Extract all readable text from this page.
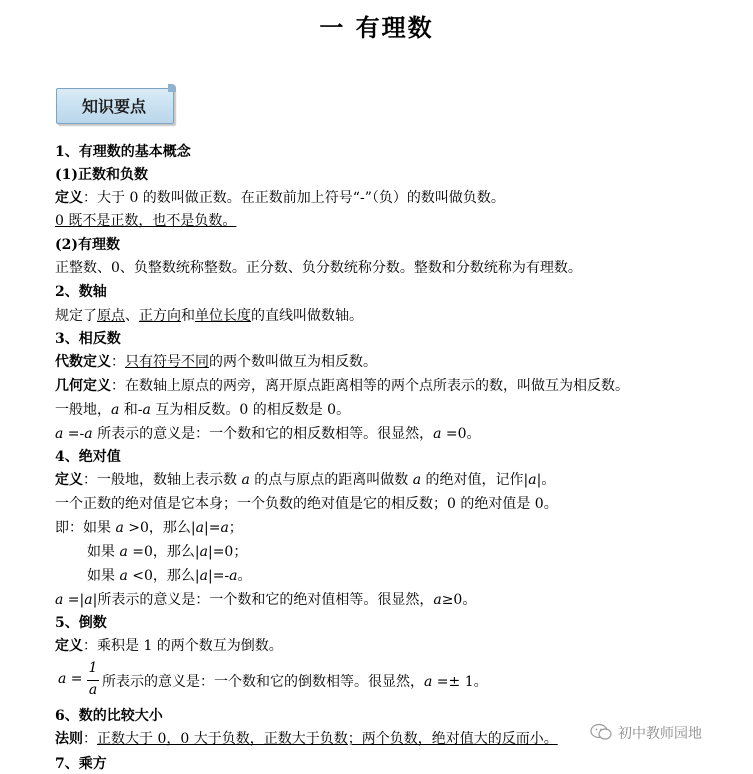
一 有理数
知识要点
1、有理数的基本概念
(1)正数和负数
定义：大于 0 的数叫做正数。在正数前加上符号“-”（负）的数叫做负数。
0 既不是正数，也不是负数。
(2)有理数
正整数、0、负整数统称整数。正分数、负分数统称分数。整数和分数统称为有理数。
2、数轴
规定了原点、正方向和单位长度的直线叫做数轴。
3、相反数
代数定义：只有符号不同的两个数叫做互为相反数。
几何定义：在数轴上原点的两旁，离开原点距离相等的两个点所表示的数，叫做互为相反数。
一般地，a 和-a 互为相反数。0 的相反数是 0。
a =-a 所表示的意义是：一个数和它的相反数相等。很显然，a =0。
4、绝对值
定义：一般地，数轴上表示数 a 的点与原点的距离叫做数 a 的绝对值，记作|a|。
一个正数的绝对值是它本身；一个负数的绝对值是它的相反数；0 的绝对值是 0。
即：如果 a >0，那么|a|=a；
如果 a =0，那么|a|=0；
如果 a <0，那么|a|=-a。
a =|a|所表示的意义是：一个数和它的绝对值相等。很显然，a≥0。
5、倒数
定义：乘积是 1 的两个数互为倒数。
a =
1
a 所表示的意义是：一个数和它的倒数相等。很显然，a =± 1。
6、数的比较大小
法则：正数大于 0，0 大于负数，正数大于负数；两个负数，绝对值大的反而小。
7、乘方
初中教师园地
